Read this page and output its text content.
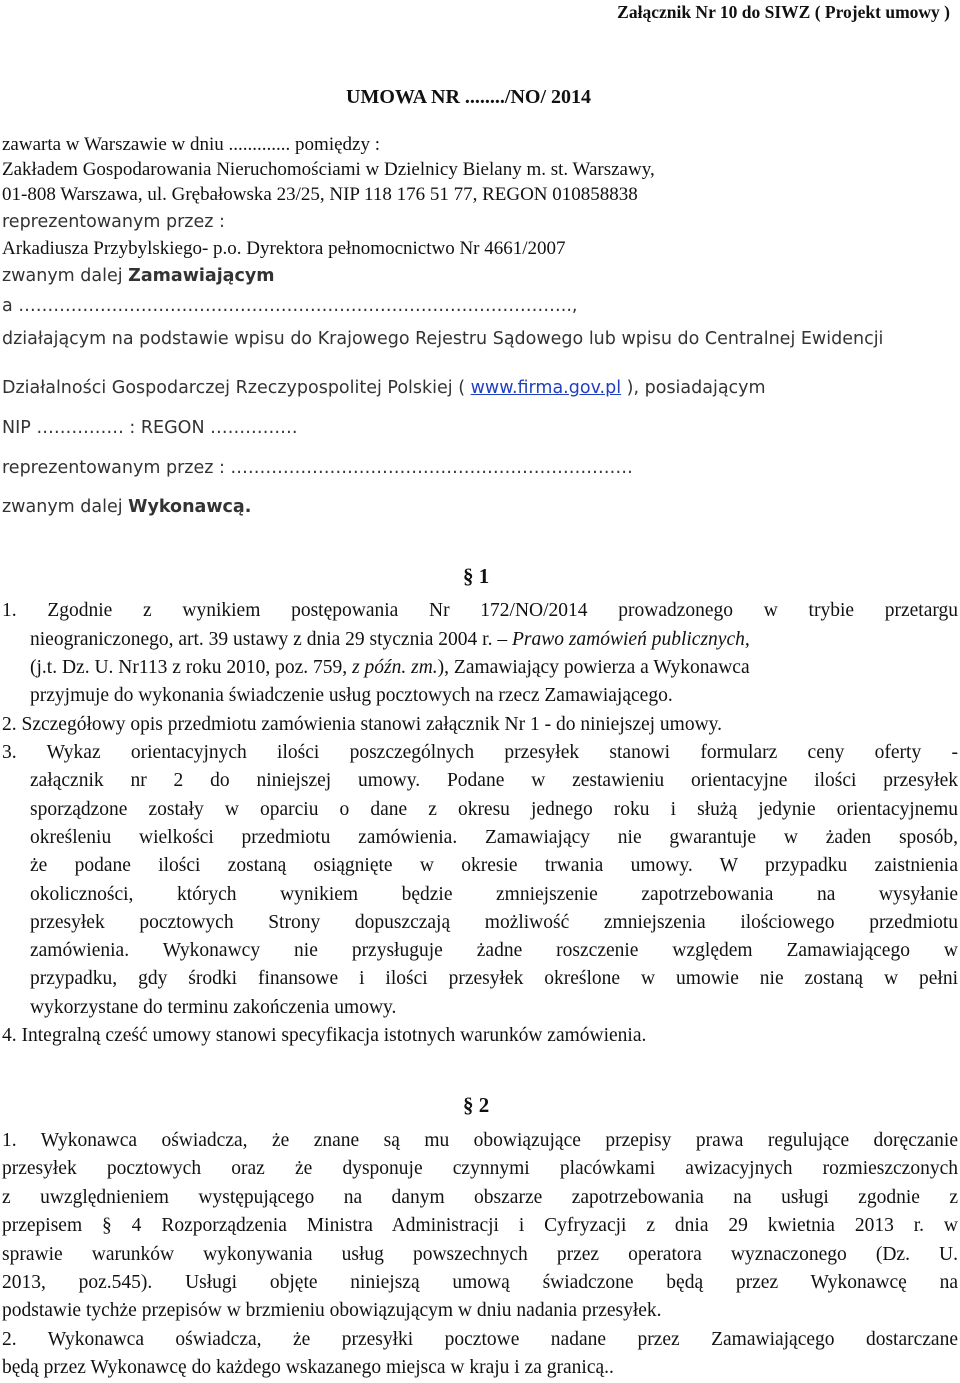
Załącznik Nr 10 do SIWZ ( Projekt umowy )
UMOWA NR ......../NO/ 2014
zawarta w Warszawie w dniu ............. pomiędzy :
Zakładem Gospodarowania Nieruchomościami w Dzielnicy Bielany m. st. Warszawy,
01-808 Warszawa, ul. Grębałowska 23/25, NIP 118 176 51 77, REGON 010858838
reprezentowanym przez :
Arkadiusza Przybylskiego- p.o. Dyrektora pełnomocnictwo Nr 4661/2007
zwanym dalej Zamawiającym
a …………………………………………………………………………………..,
działającym na podstawie wpisu do Krajowego Rejestru Sądowego lub wpisu do Centralnej Ewidencji
Działalności Gospodarczej Rzeczypospolitej Polskiej ( www.firma.gov.pl ), posiadającym
NIP …………… : REGON ……………
reprezentowanym przez : ……………………………………………………………
zwanym dalej Wykonawcą.
§ 1
1. Zgodnie z wynikiem postępowania Nr 172/NO/2014 prowadzonego w trybie przetargu
nieograniczonego, art. 39 ustawy z dnia 29 stycznia 2004 r. – Prawo zamówień publicznych,
(j.t. Dz. U. Nr113 z roku 2010, poz. 759, z późn. zm.), Zamawiający powierza a Wykonawca
przyjmuje do wykonania świadczenie usług pocztowych na rzecz Zamawiającego.
2. Szczegółowy opis przedmiotu zamówienia stanowi załącznik Nr 1 - do niniejszej umowy.
3. Wykaz orientacyjnych ilości poszczególnych przesyłek stanowi formularz ceny oferty -
załącznik nr 2 do niniejszej umowy. Podane w zestawieniu orientacyjne ilości przesyłek
sporządzone zostały w oparciu o dane z okresu jednego roku i służą jedynie orientacyjnemu
określeniu wielkości przedmiotu zamówienia. Zamawiający nie gwarantuje w żaden sposób,
że podane ilości zostaną osiągnięte w okresie trwania umowy. W przypadku zaistnienia
okoliczności, których wynikiem będzie zmniejszenie zapotrzebowania na wysyłanie
przesyłek pocztowych Strony dopuszczają możliwość zmniejszenia ilościowego przedmiotu
zamówienia. Wykonawcy nie przysługuje żadne roszczenie względem Zamawiającego w
przypadku, gdy środki finansowe i ilości przesyłek określone w umowie nie zostaną w pełni
wykorzystane do terminu zakończenia umowy.
4. Integralną cześć umowy stanowi specyfikacja istotnych warunków zamówienia.
§ 2
1. Wykonawca oświadcza, że znane są mu obowiązujące przepisy prawa regulujące doręczanie
przesyłek pocztowych oraz że dysponuje czynnymi placówkami awizacyjnych rozmieszczonych
z uwzględnieniem występującego na danym obszarze zapotrzebowania na usługi zgodnie z
przepisem § 4 Rozporządzenia Ministra Administracji i Cyfryzacji z dnia 29 kwietnia 2013 r. w
sprawie warunków wykonywania usług powszechnych przez operatora wyznaczonego (Dz. U.
2013, poz.545). Usługi objęte niniejszą umową świadczone będą przez Wykonawcę na
podstawie tychże przepisów w brzmieniu obowiązującym w dniu nadania przesyłek.
2. Wykonawca oświadcza, że przesyłki pocztowe nadane przez Zamawiającego dostarczane
będą przez Wykonawcę do każdego wskazanego miejsca w kraju i za granicą..
